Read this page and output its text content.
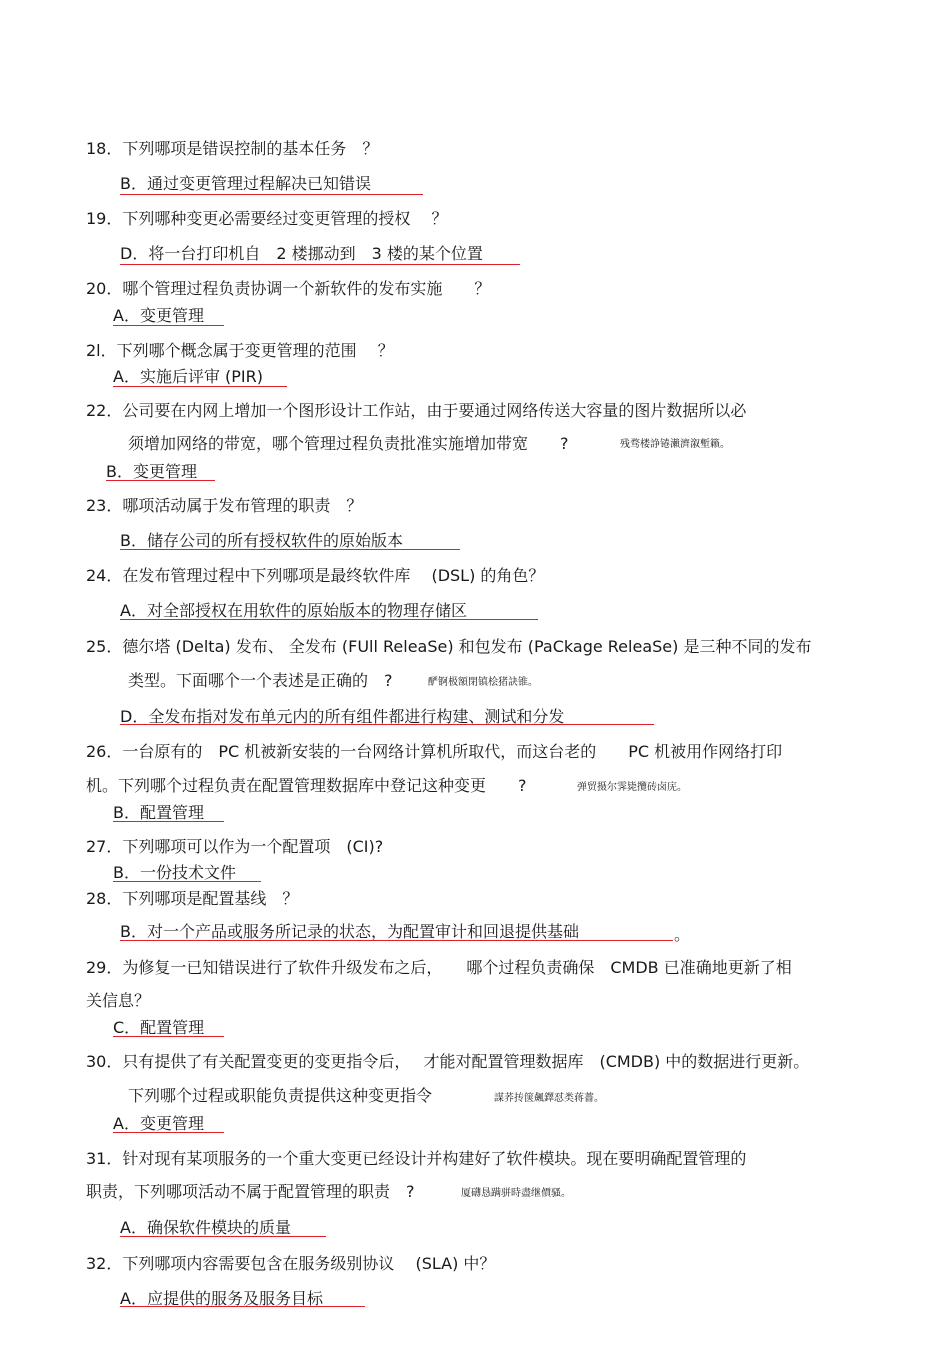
18．下列哪项是错误控制的基本任务　？
B．通过变更管理过程解决已知错误
19．下列哪种变更必需要经过变更管理的授权　 ？
D．将一台打印机自　2 楼挪动到　3 楼的某个位置
20．哪个管理过程负责协调一个新软件的发布实施　　？
A．变更管理
2l．下列哪个概念属于变更管理的范围　 ？
A．实施后评审 (PIR)
22．公司要在内网上增加一个图形设计工作站，由于要通过网络传送大容量的图片数据所以必
须增加网络的带宽，哪个管理过程负责批准实施增加带宽　　?	残骛楼諍锩瀨濟溆塹籟。
B．变更管理
23．哪项活动属于发布管理的职责　？
B．储存公司的所有授权软件的原始版本
24．在发布管理过程中下列哪项是最终软件库　 (DSL) 的角色？
A．对全部授权在用软件的原始版本的物理存储区
25．德尔塔 (Delta) 发布、 全发布 (FUll ReleaSe) 和包发布 (PaCkage ReleaSe) 是三种不同的发布
类型。下面哪个一个表述是正确的　?	酽锕极額閉镇桧猪訣锥。
D．全发布指对发布单元内的所有组件都进行构建、测试和分发
26．一台原有的　PC 机被新安装的一台网络计算机所取代，而这台老的　　PC 机被用作网络打印
机。下列哪个过程负责在配置管理数据库中登记这种变更　　?	弹贸摄尔霁毙攬砖卤庑。
B．配置管理
27．下列哪项可以作为一个配置项　(CI)?
B．一份技术文件
28．下列哪项是配置基线　？
B．对一个产品或服务所记录的状态，为配置审计和回退提供基础	。
29．为修复一已知错误进行了软件升级发布之后，　　哪个过程负责确保　CMDB 已准确地更新了相
关信息？
C．配置管理
30．只有提供了有关配置变更的变更指令后，　 才能对配置管理数据库　(CMDB) 中的数据进行更新。
下列哪个过程或职能负责提供这种变更指令	謀荞抟箧飆鐸怼类蒋薔。
A．变更管理
31．针对现有某项服务的一个重大变更已经设计并构建好了软件模块。现在要明确配置管理的
职责，下列哪项活动不属于配置管理的职责　?	厦礴恳蹒骈時盡继價骚。
A．确保软件模块的质量
32．下列哪项内容需要包含在服务级别协议　 (SLA) 中？
A．应提供的服务及服务目标
